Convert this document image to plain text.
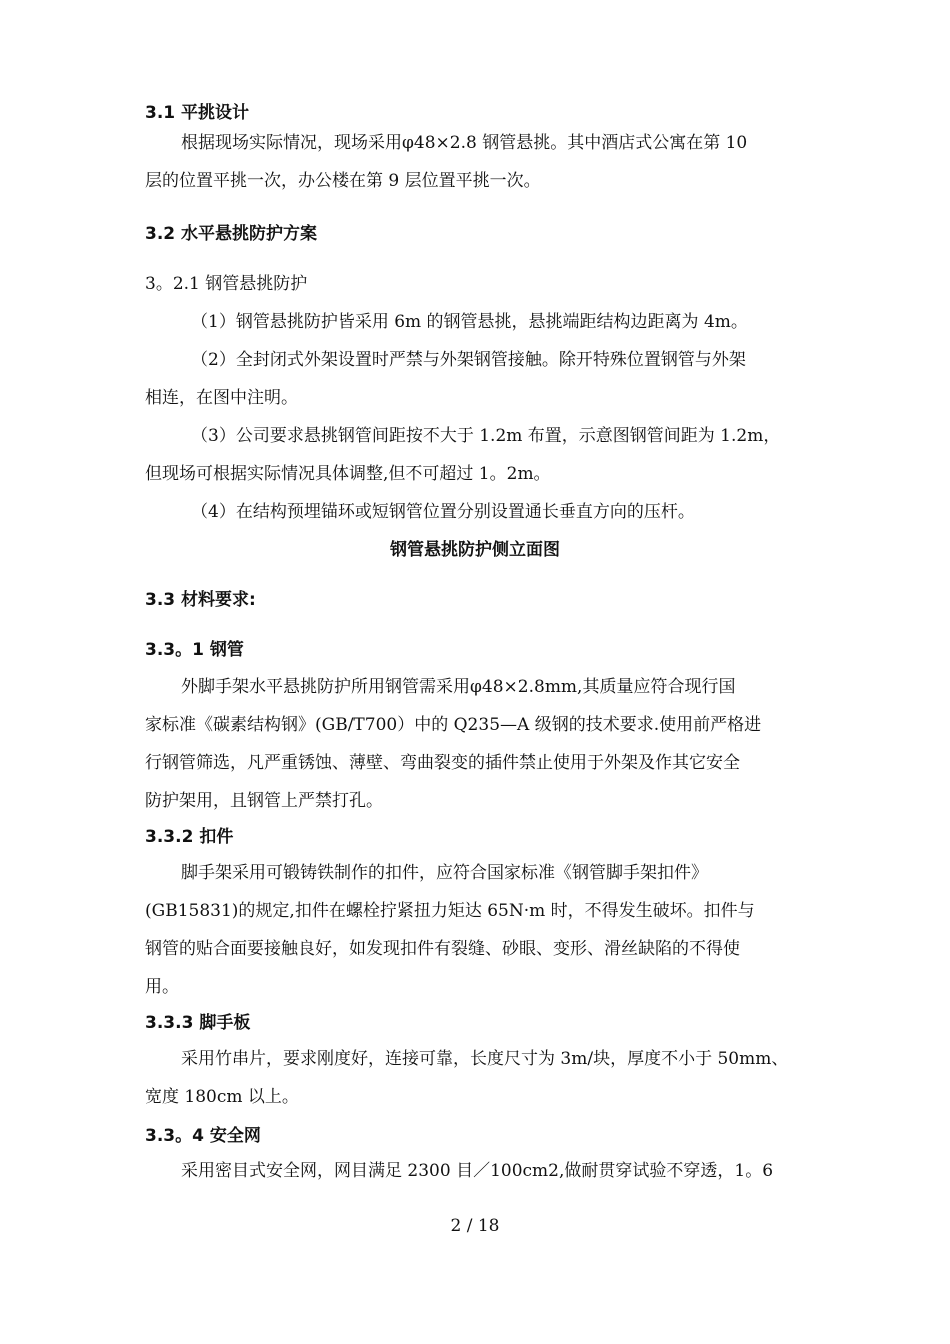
3.1 平挑设计
根据现场实际情况，现场采用φ48×2.8 钢管悬挑。其中酒店式公寓在第 10
层的位置平挑一次，办公楼在第 9 层位置平挑一次。
3.2 水平悬挑防护方案
3。2.1 钢管悬挑防护
（1）钢管悬挑防护皆采用 6m 的钢管悬挑，悬挑端距结构边距离为 4m。
（2）全封闭式外架设置时严禁与外架钢管接触。除开特殊位置钢管与外架
相连，在图中注明。
（3）公司要求悬挑钢管间距按不大于 1.2m 布置，示意图钢管间距为 1.2m，
但现场可根据实际情况具体调整,但不可超过 1。2m。
（4）在结构预埋锚环或短钢管位置分别设置通长垂直方向的压杆。
钢管悬挑防护侧立面图
3.3 材料要求:
3.3。1 钢管
外脚手架水平悬挑防护所用钢管需采用φ48×2.8mm,其质量应符合现行国
家标准《碳素结构钢》(GB/T700）中的 Q235—A 级钢的技术要求.使用前严格进
行钢管筛选，凡严重锈蚀、薄壁、弯曲裂变的插件禁止使用于外架及作其它安全
防护架用，且钢管上严禁打孔。
3.3.2 扣件
脚手架采用可锻铸铁制作的扣件，应符合国家标准《钢管脚手架扣件》
(GB15831)的规定,扣件在螺栓拧紧扭力矩达 65N·m 时，不得发生破坏。扣件与
钢管的贴合面要接触良好，如发现扣件有裂缝、砂眼、变形、滑丝缺陷的不得使
用。
3.3.3 脚手板
采用竹串片，要求刚度好，连接可靠，长度尺寸为 3m/块，厚度不小于 50mm、
宽度 180cm 以上。
3.3。4 安全网
采用密目式安全网，网目满足 2300 目／100cm2,做耐贯穿试验不穿透，1。6
2 / 18
